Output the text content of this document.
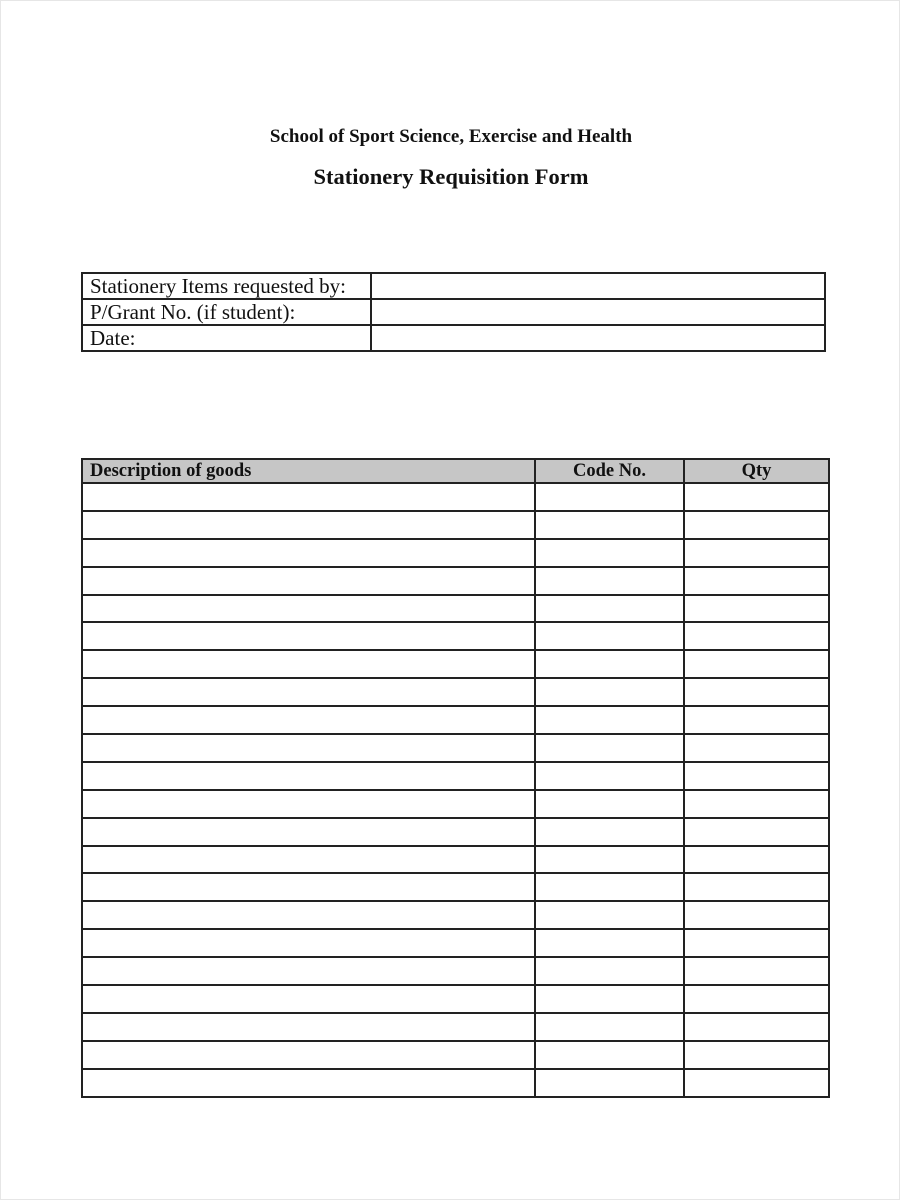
School of Sport Science, Exercise and Health
Stationery Requisition Form
Stationery Items requested by:	
P/Grant No. (if student):	
Date:	
Description of goods	Code No.	Qty
